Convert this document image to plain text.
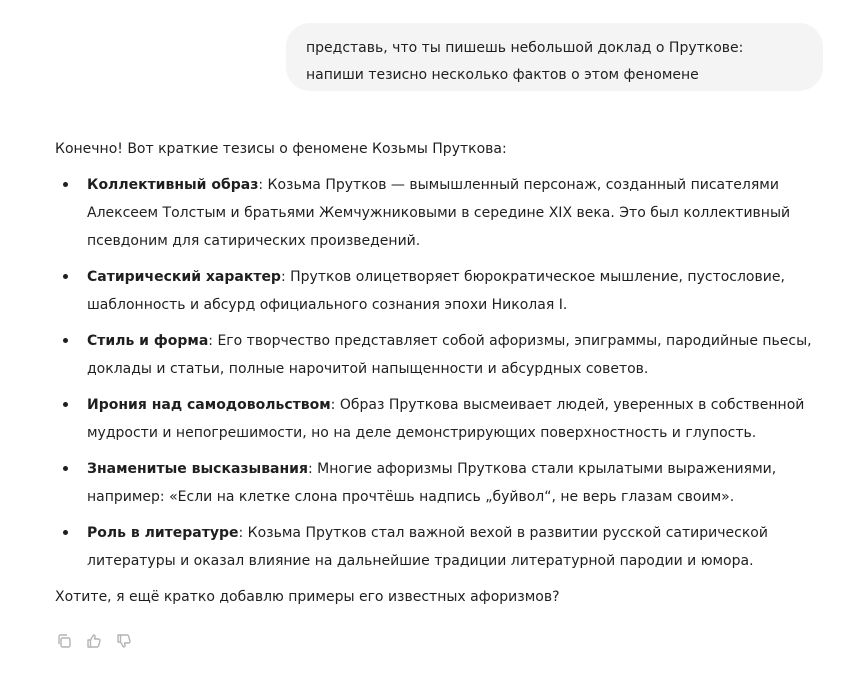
представь, что ты пишешь небольшой доклад о Пруткове: напиши тезисно несколько фактов о этом феномене

Конечно! Вот краткие тезисы о феномене Козьмы Пруткова:

Коллективный образ: Козьма Прутков — вымышленный персонаж, созданный писателями Алексеем Толстым и братьями Жемчужниковыми в середине XIX века. Это был коллективный псевдоним для сатирических произведений.
Сатирический характер: Прутков олицетворяет бюрократическое мышление, пустословие, шаблонность и абсурд официального сознания эпохи Николая I.
Стиль и форма: Его творчество представляет собой афоризмы, эпиграммы, пародийные пьесы, доклады и статьи, полные нарочитой напыщенности и абсурдных советов.
Ирония над самодовольством: Образ Пруткова высмеивает людей, уверенных в собственной мудрости и непогрешимости, но на деле демонстрирующих поверхностность и глупость.
Знаменитые высказывания: Многие афоризмы Пруткова стали крылатыми выражениями, например: «Если на клетке слона прочтёшь надпись „буйвол“, не верь глазам своим».
Роль в литературе: Козьма Прутков стал важной вехой в развитии русской сатирической литературы и оказал влияние на дальнейшие традиции литературной пародии и юмора.

Хотите, я ещё кратко добавлю примеры его известных афоризмов?
